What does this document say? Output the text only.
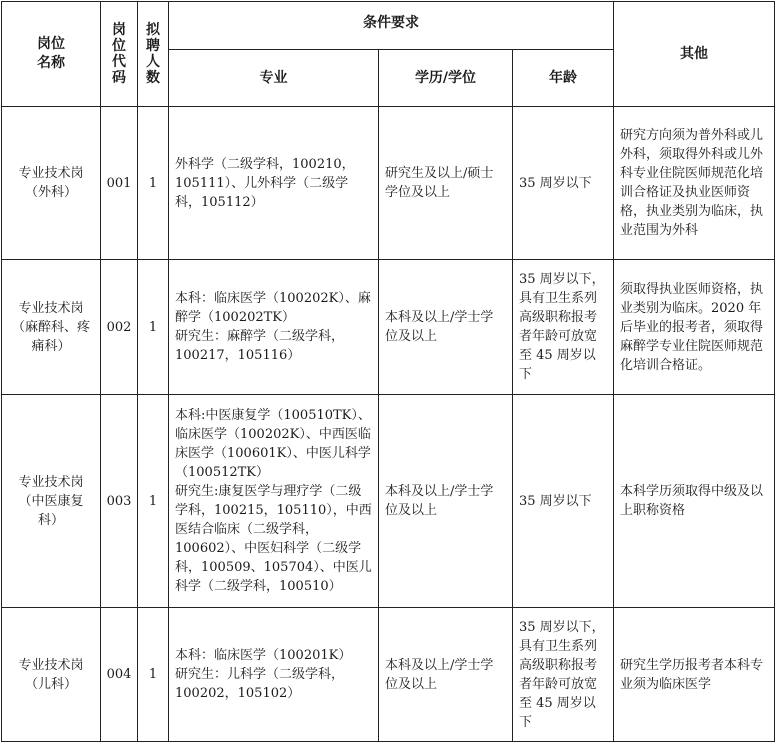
岗位
名称	岗
位
代
码	拟
聘
人
数	条件要求			其他
			专业	学历/学位	年龄	
专业技术岗
（外科）	001	1	外科学（二级学科，100210，105111）、儿外科学（二级学科，105112）	研究生及以上/硕士学位及以上	35 周岁以下	研究方向须为普外科或儿外科，须取得外科或儿外科专业住院医师规范化培训合格证及执业医师资格，执业类别为临床，执业范围为外科
专业技术岗
（麻醉科、疼
痛科）	002	1	本科：临床医学（100202K）、麻醉学（100202TK）
研究生：麻醉学（二级学科，100217，105116）	本科及以上/学士学位及以上	35 周岁以下，具有卫生系列高级职称报考者年龄可放宽至 45 周岁以下	须取得执业医师资格，执业类别为临床。2020 年后毕业的报考者，须取得麻醉学专业住院医师规范化培训合格证。
专业技术岗
（中医康复
科）	003	1	本科:中医康复学（100510TK）、临床医学（100202K）、中西医临床医学（100601K）、中医儿科学（100512TK）
研究生:康复医学与理疗学（二级学科，100215，105110），中西医结合临床（二级学科，100602）、中医妇科学（二级学科，100509、105704）、中医儿科学（二级学科，100510）	本科及以上/学士学位及以上	35 周岁以下	本科学历须取得中级及以上职称资格
专业技术岗
（儿科）	004	1	本科：临床医学（100201K）
研究生：儿科学（二级学科，100202，105102）	本科及以上/学士学位及以上	35 周岁以下，具有卫生系列高级职称报考者年龄可放宽至 45 周岁以下	研究生学历报考者本科专业须为临床医学
